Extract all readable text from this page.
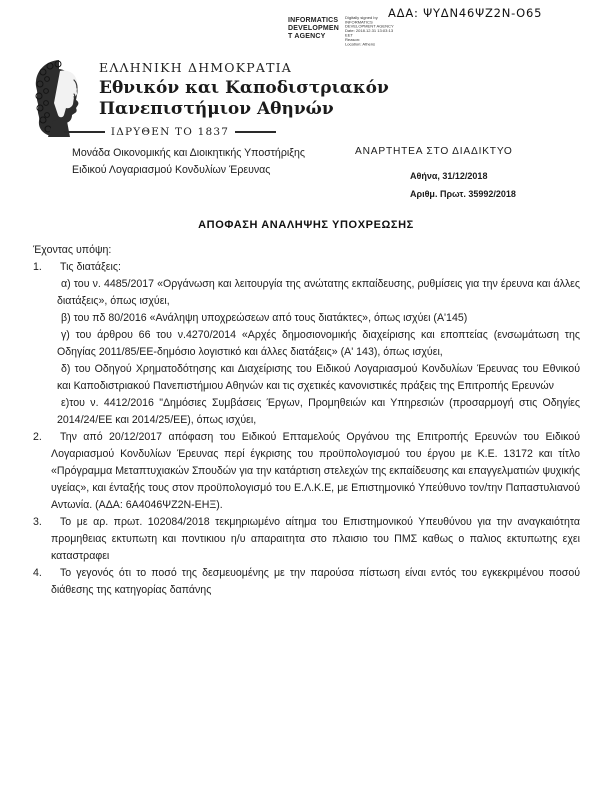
ΑΔΑ: ΨΥΔΝ46ΨΖ2Ν-Ο65
INFORMATICS
DEVELOPMEN
T AGENCY
Digitally signed by
INFORMATICS
DEVELOPMENT AGENCY
Date: 2018.12.31 13:03:13
EET
Reason:
Location: Athens
ΕΛΛΗΝΙΚΗ ΔΗΜΟΚΡΑΤΙΑ
Εθνικόν και Καποδιστριακόν
Πανεπιστήμιον Αθηνών
ΙΔΡΥΘΕΝ ΤΟ 1837
Μονάδα Οικονομικής και Διοικητικής Υποστήριξης
Ειδικού Λογαριασμού Κονδυλίων Έρευνας
ΑΝΑΡΤΗΤΕΑ ΣΤΟ ΔΙΑΔΙΚΤΥΟ
Αθήνα, 31/12/2018
Αριθμ. Πρωτ. 35992/2018
ΑΠΟΦΑΣΗ ΑΝΑΛΗΨΗΣ ΥΠΟΧΡΕΩΣΗΣ
Έχοντας υπόψη:
1.	Τις διατάξεις:
α) του ν. 4485/2017 «Οργάνωση και λειτουργία της ανώτατης εκπαίδευσης, ρυθμίσεις για την έρευνα και άλλες διατάξεις», όπως ισχύει,
β) του πδ 80/2016 «Ανάληψη υποχρεώσεων από τους διατάκτες», όπως ισχύει (Α'145)
γ) του άρθρου 66 του ν.4270/2014 «Αρχές δημοσιονομικής διαχείρισης και εποπτείας (ενσωμάτωση της Οδηγίας 2011/85/ΕΕ-δημόσιο λογιστικό και άλλες διατάξεις» (Α' 143), όπως ισχύει,
δ) του Οδηγού Χρηματοδότησης και Διαχείρισης του Ειδικού Λογαριασμού Κονδυλίων Έρευνας του Εθνικού και Καποδιστριακού Πανεπιστήμιου Αθηνών και τις σχετικές κανονιστικές πράξεις της Επιτροπής Ερευνών
ε)του ν. 4412/2016 "Δημόσιες Συμβάσεις Έργων, Προμηθειών και Υπηρεσιών (προσαρμογή στις Οδηγίες 2014/24/ΕΕ και 2014/25/ΕΕ), όπως ισχύει,
2.	Την από 20/12/2017 απόφαση του Ειδικού Επταμελούς Οργάνου της Επιτροπής Ερευνών του Ειδικού Λογαριασμού Κονδυλίων Έρευνας περί έγκρισης του προϋπολογισμού του έργου με Κ.Ε. 13172 και τίτλο «Πρόγραμμα Μεταπτυχιακών Σπουδών για την κατάρτιση στελεχών της εκπαίδευσης και επαγγελματιών ψυχικής υγείας», και ένταξής τους στον προϋπολογισμό του Ε.Λ.Κ.Ε, με Επιστημονικό Υπεύθυνο τον/την Παπαστυλιανού Αντωνία. (ΑΔΑ: 6Α4046ΨΖ2Ν-ΕΗΞ).
3.	Το με αρ. πρωτ. 102084/2018 τεκμηριωμένο αίτημα του Επιστημονικού Υπευθύνου για την αναγκαιότητα προμηθειας εκτυπωτη και ποντικιου η/υ απαραιτητα στο πλαισιο του ΠΜΣ καθως ο παλιος εκτυπωτης εχει καταστραφει
4.	Το γεγονός ότι το ποσό της δεσμευομένης με την παρούσα πίστωση είναι εντός του εγκεκριμένου ποσού διάθεσης της κατηγορίας δαπάνης
